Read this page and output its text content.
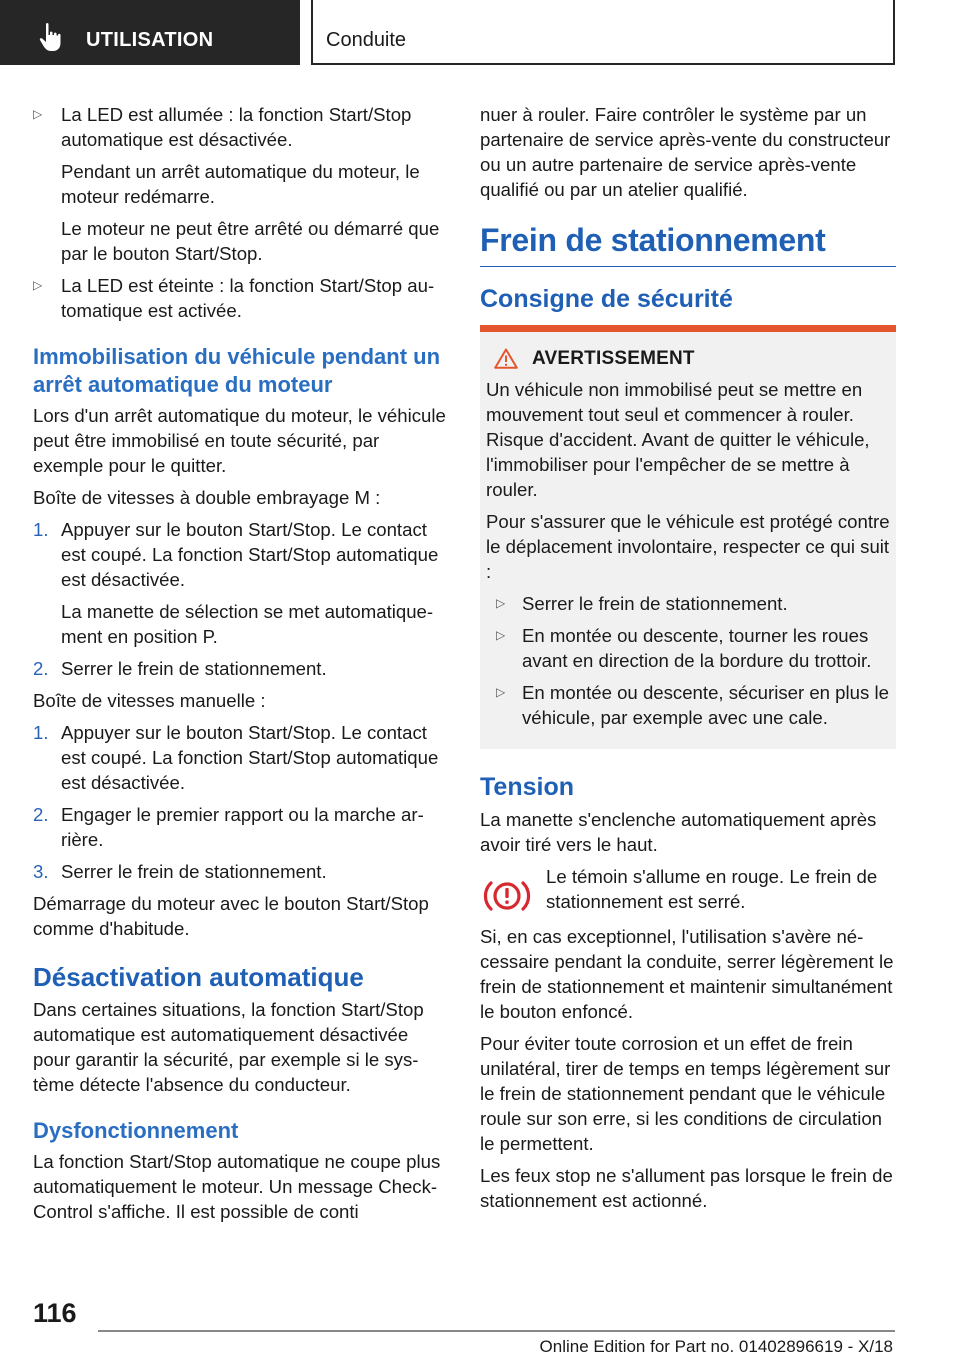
UTILISATION	Conduite
▷ La LED est allumée : la fonction Start/Stop automatique est désactivée.

Pendant un arrêt automatique du moteur, le moteur redémarre.

Le moteur ne peut être arrêté ou démarré que par le bouton Start/Stop.

▷ La LED est éteinte : la fonction Start/Stop automatique est activée.

Immobilisation du véhicule pendant un arrêt automatique du moteur

Lors d'un arrêt automatique du moteur, le véhicule peut être immobilisé en toute sécurité, par exemple pour le quitter.

Boîte de vitesses à double embrayage M :

1. Appuyer sur le bouton Start/Stop. Le contact est coupé. La fonction Start/Stop automatique est désactivée.

La manette de sélection se met automatiquement en position P.

2. Serrer le frein de stationnement.

Boîte de vitesses manuelle :

1. Appuyer sur le bouton Start/Stop. Le contact est coupé. La fonction Start/Stop automatique est désactivée.

2. Engager le premier rapport ou la marche arrière.

3. Serrer le frein de stationnement.

Démarrage du moteur avec le bouton Start/Stop comme d'habitude.

Désactivation automatique

Dans certaines situations, la fonction Start/Stop automatique est automatiquement désactivée pour garantir la sécurité, par exemple si le système détecte l'absence du conducteur.

Dysfonctionnement

La fonction Start/Stop automatique ne coupe plus automatiquement le moteur. Un message Check-Control s'affiche. Il est possible de conti

nuer à rouler. Faire contrôler le système par un partenaire de service après-vente du constructeur ou un autre partenaire de service après-vente qualifié ou par un atelier qualifié.

Frein de stationnement
Consigne de sécurité
AVERTISSEMENT

Un véhicule non immobilisé peut se mettre en mouvement tout seul et commencer à rouler. Risque d'accident. Avant de quitter le véhicule, l'immobiliser pour l'empêcher de se mettre à rouler.

Pour s'assurer que le véhicule est protégé contre le déplacement involontaire, respecter ce qui suit :

▷ Serrer le frein de stationnement.

▷ En montée ou descente, tourner les roues avant en direction de la bordure du trottoir.

▷ En montée ou descente, sécuriser en plus le véhicule, par exemple avec une cale.

Tension

La manette s'enclenche automatiquement après avoir tiré vers le haut.

Le témoin s'allume en rouge. Le frein de stationnement est serré.

Si, en cas exceptionnel, l'utilisation s'avère nécessaire pendant la conduite, serrer légèrement le frein de stationnement et maintenir simultanément le bouton enfoncé.

Pour éviter toute corrosion et un effet de frein unilatéral, tirer de temps en temps légèrement sur le frein de stationnement pendant que le véhicule roule sur son erre, si les conditions de circulation le permettent.

Les feux stop ne s'allument pas lorsque le frein de stationnement est actionné.

116
Online Edition for Part no. 01402896619 - X/18
